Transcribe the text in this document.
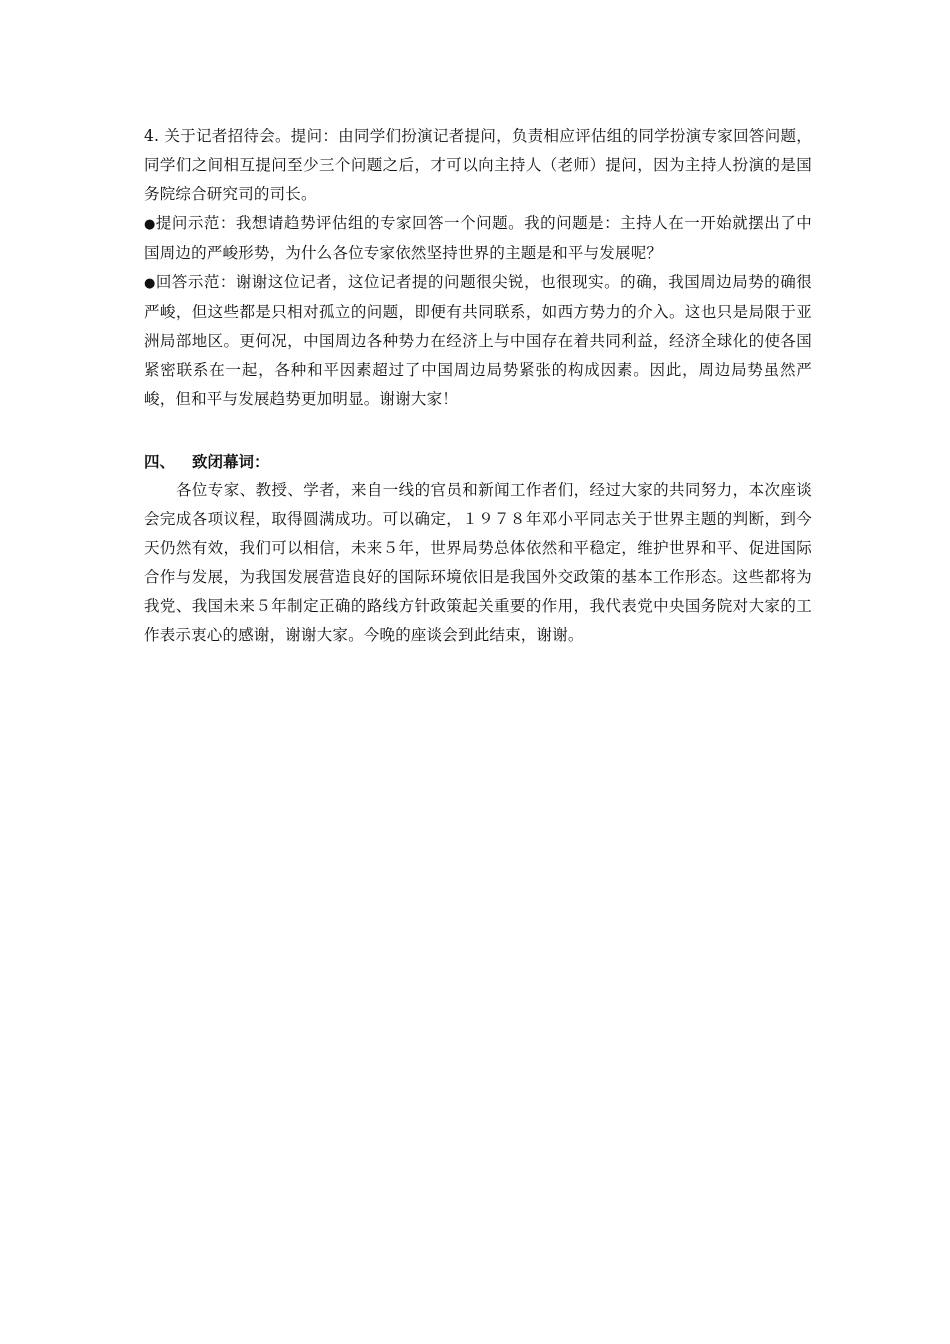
4. 关于记者招待会。提问：由同学们扮演记者提问，负责相应评估组的同学扮演专家回答问题，同学们之间相互提问至少三个问题之后，才可以向主持人（老师）提问，因为主持人扮演的是国务院综合研究司的司长。

●提问示范：我想请趋势评估组的专家回答一个问题。我的问题是：主持人在一开始就摆出了中国周边的严峻形势，为什么各位专家依然坚持世界的主题是和平与发展呢？

●回答示范：谢谢这位记者，这位记者提的问题很尖锐，也很现实。的确，我国周边局势的确很严峻，但这些都是只相对孤立的问题，即便有共同联系，如西方势力的介入。这也只是局限于亚洲局部地区。更何况，中国周边各种势力在经济上与中国存在着共同利益，经济全球化的使各国紧密联系在一起，各种和平因素超过了中国周边局势紧张的构成因素。因此，周边局势虽然严峻，但和平与发展趋势更加明显。谢谢大家！

四、 致闭幕词：

各位专家、教授、学者，来自一线的官员和新闻工作者们，经过大家的共同努力，本次座谈会完成各项议程，取得圆满成功。可以确定，１９７８年邓小平同志关于世界主题的判断，到今天仍然有效，我们可以相信，未来５年，世界局势总体依然和平稳定，维护世界和平、促进国际合作与发展，为我国发展营造良好的国际环境依旧是我国外交政策的基本工作形态。这些都将为我党、我国未来５年制定正确的路线方针政策起关重要的作用，我代表党中央国务院对大家的工作表示衷心的感谢，谢谢大家。今晚的座谈会到此结束，谢谢。
